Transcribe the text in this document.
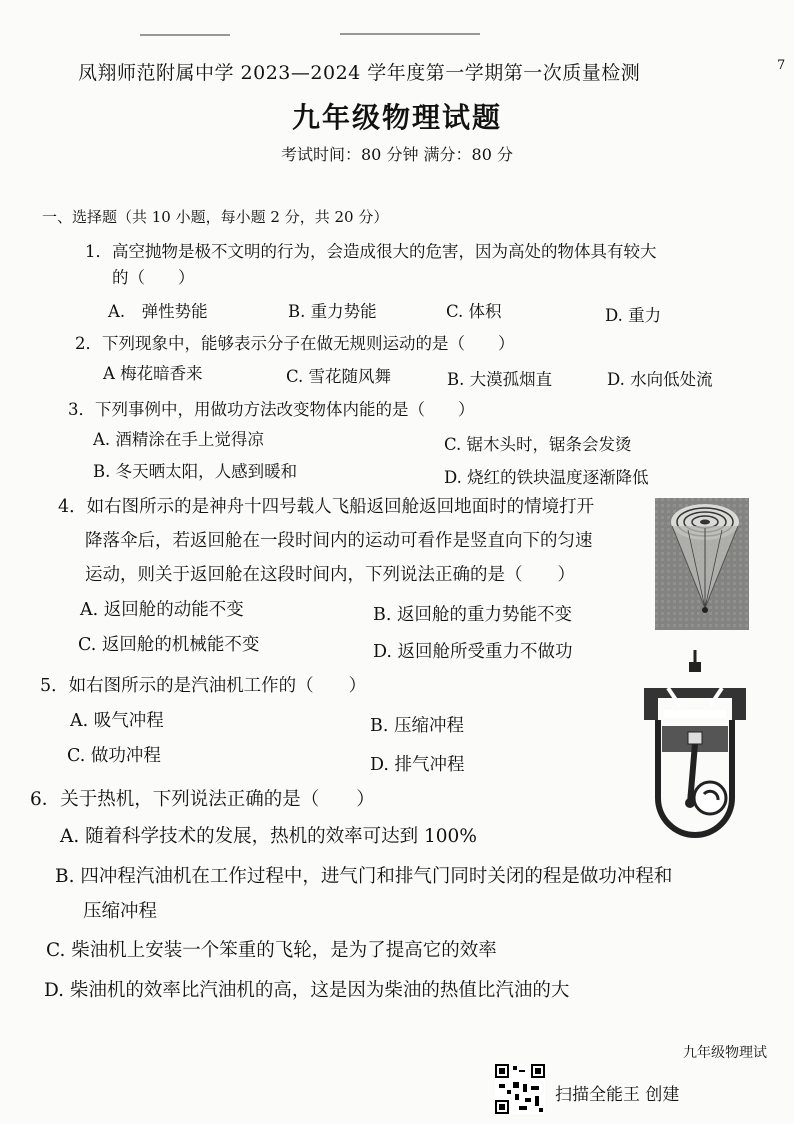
凤翔师范附属中学 2023—2024 学年度第一学期第一次质量检测	7
九年级物理试题
考试时间：80 分钟 满分：80 分
一、选择题（共 10 小题，每小题 2 分，共 20 分）
1．高空抛物是极不文明的行为，会造成很大的危害，因为高处的物体具有较大
的（　　）
A.　弹性势能	B. 重力势能	C. 体积	D. 重力
2．下列现象中，能够表示分子在做无规则运动的是（　　）
A 梅花暗香来	C. 雪花随风舞	B. 大漠孤烟直	D. 水向低处流
3．下列事例中，用做功方法改变物体内能的是（　　）
A. 酒精涂在手上觉得凉	C. 锯木头时，锯条会发烫
B. 冬天晒太阳，人感到暖和	D. 烧红的铁块温度逐渐降低
4．如右图所示的是神舟十四号载人飞船返回舱返回地面时的情境打开
降落伞后，若返回舱在一段时间内的运动可看作是竖直向下的匀速
运动，则关于返回舱在这段时间内，下列说法正确的是（　　）
A. 返回舱的动能不变	B. 返回舱的重力势能不变
C. 返回舱的机械能不变	D. 返回舱所受重力不做功
5．如右图所示的是汽油机工作的（　　）
A. 吸气冲程	B. 压缩冲程
C. 做功冲程	D. 排气冲程
6．关于热机，下列说法正确的是（　　）
A. 随着科学技术的发展，热机的效率可达到 100%
B. 四冲程汽油机在工作过程中，进气门和排气门同时关闭的程是做功冲程和
压缩冲程
C. 柴油机上安装一个笨重的飞轮，是为了提高它的效率
D. 柴油机的效率比汽油机的高，这是因为柴油的热值比汽油的大
九年级物理试
扫描全能王 创建
